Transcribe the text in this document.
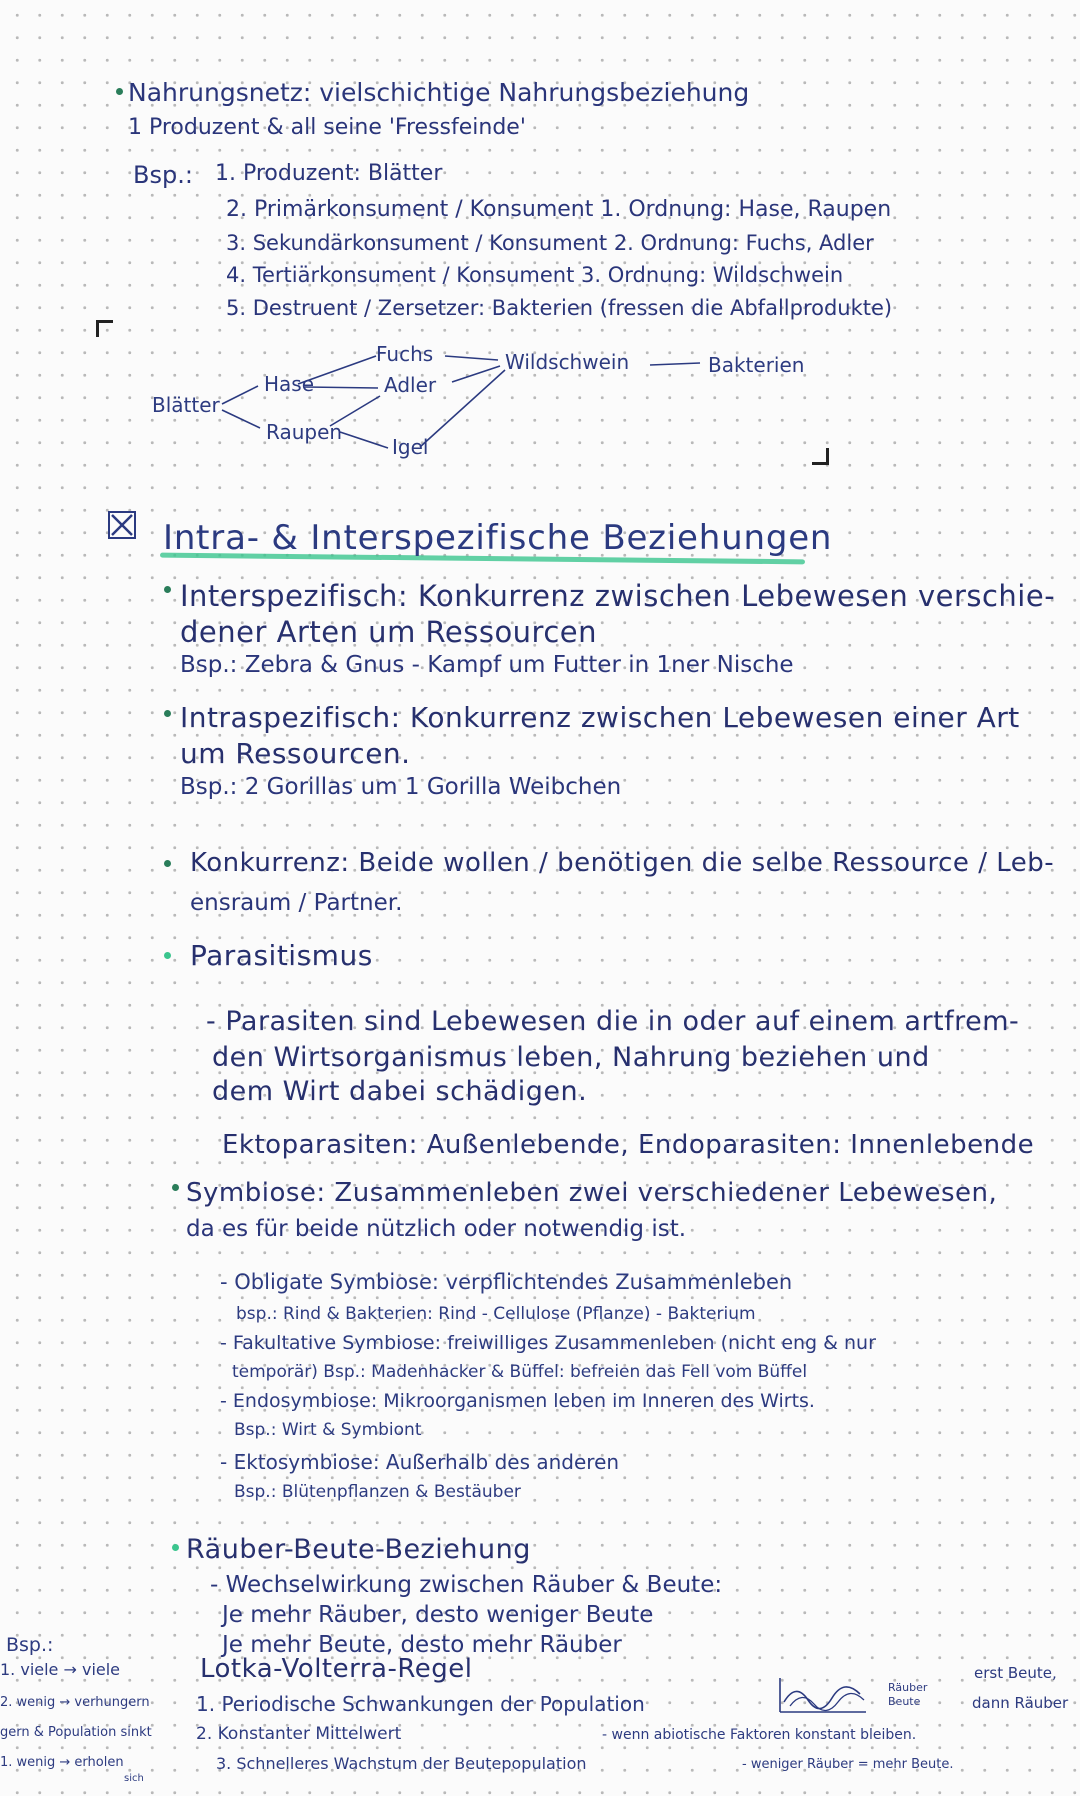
Nahrungsnetz: vielschichtige Nahrungsbeziehung
1 Produzent & all seine 'Fressfeinde'
Bsp.: 1. Produzent: Blätter
2. Primärkonsument / Konsument 1. Ordnung: Hase, Raupen
3. Sekundärkonsument / Konsument 2. Ordnung: Fuchs, Adler
4. Tertiärkonsument / Konsument 3. Ordnung: Wildschwein
5. Destruent / Zersetzer: Bakterien (fressen die Abfallprodukte)
Blätter
Hase
Raupen
Fuchs
Adler
Igel
Wildschwein	Bakterien
Intra- & Interspezifische Beziehungen
Interspezifisch: Konkurrenz zwischen Lebewesen verschie-
dener Arten um Ressourcen
Bsp.: Zebra & Gnus - Kampf um Futter in 1ner Nische
Intraspezifisch: Konkurrenz zwischen Lebewesen einer Art
um Ressourcen.
Bsp.: 2 Gorillas um 1 Gorilla Weibchen
Konkurrenz: Beide wollen / benötigen die selbe Ressource / Leb-
ensraum / Partner.
Parasitismus
- Parasiten sind Lebewesen die in oder auf einem artfrem-
den Wirtsorganismus leben, Nahrung beziehen und
dem Wirt dabei schädigen.
Ektoparasiten: Außenlebende, Endoparasiten: Innenlebende
Symbiose: Zusammenleben zwei verschiedener Lebewesen,
da es für beide nützlich oder notwendig ist.
- Obligate Symbiose: verpflichtendes Zusammenleben
bsp.: Rind & Bakterien: Rind - Cellulose (Pflanze) - Bakterium
- Fakultative Symbiose: freiwilliges Zusammenleben (nicht eng & nur
temporär) Bsp.: Madenhacker & Büffel: befreien das Fell vom Büffel
- Endosymbiose: Mikroorganismen leben im Inneren des Wirts.
Bsp.: Wirt & Symbiont
- Ektosymbiose: Außerhalb des anderen
Bsp.: Blütenpflanzen & Bestäuber
Räuber-Beute-Beziehung
- Wechselwirkung zwischen Räuber & Beute:
Je mehr Räuber, desto weniger Beute
Je mehr Beute, desto mehr Räuber
Bsp.:
1. viele → viele	Lotka-Volterra-Regel
2. wenig → verhungern 1. Periodische Schwankungen der Population
Räuber
Beute
erst Beute,
dann Räuber
gern & Population sinkt	2. Konstanter Mittelwert	- wenn abiotische Faktoren konstant bleiben.
1. wenig → erholen
sich
3. Schnelleres Wachstum der Beutepopulation	- weniger Räuber = mehr Beute.
